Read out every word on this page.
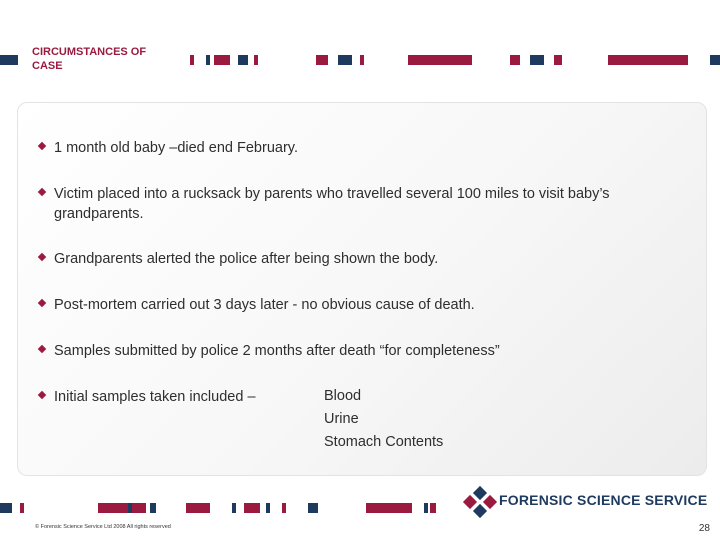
CIRCUMSTANCES OF CASE
1 month old baby –died end February.
Victim placed into a rucksack by parents who travelled several 100 miles to visit baby’s grandparents.
Grandparents alerted the police after being shown the body.
Post-mortem carried out 3 days later - no obvious cause of death.
Samples submitted by police 2 months after death “for completeness”
Initial samples taken included –	Blood
Urine
Stomach Contents
FORENSIC SCIENCE SERVICE
© Forensic Science Service Ltd 2008 All rights reserved	28
